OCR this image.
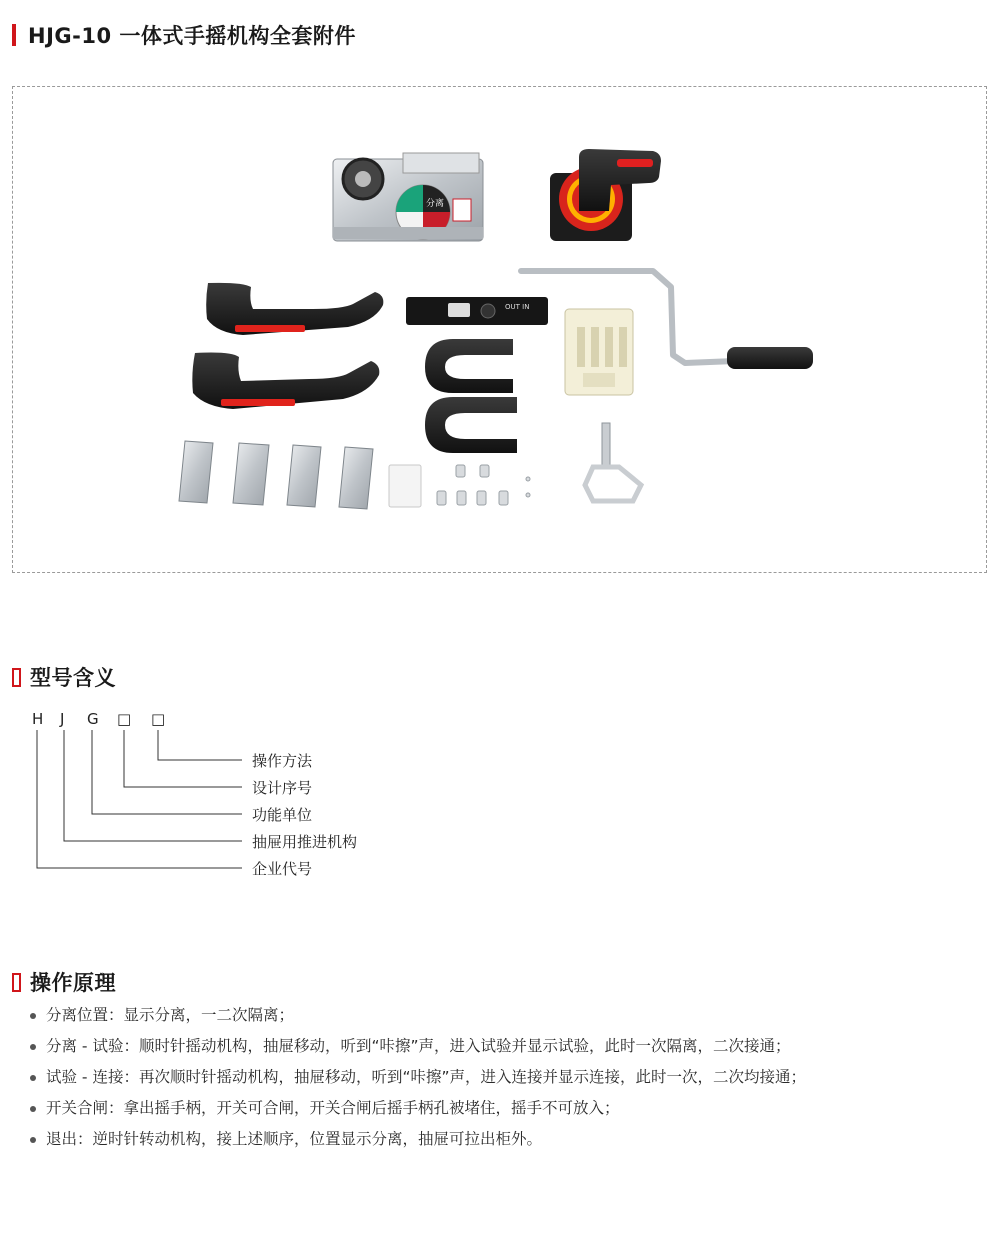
HJG-10 一体式手摇机构全套附件
分离
OUT IN
型号含义
H J G □ □
操作方法
设计序号
功能单位
抽屉用推进机构
企业代号
操作原理
分离位置：显示分离，一二次隔离；
分离 - 试验：顺时针摇动机构，抽屉移动，听到“咔擦”声，进入试验并显示试验，此时一次隔离，二次接通；
试验 - 连接：再次顺时针摇动机构，抽屉移动，听到“咔擦”声，进入连接并显示连接，此时一次，二次均接通；
开关合闸：拿出摇手柄，开关可合闸，开关合闸后摇手柄孔被堵住，摇手不可放入；
退出：逆时针转动机构，接上述顺序，位置显示分离，抽屉可拉出柜外。
